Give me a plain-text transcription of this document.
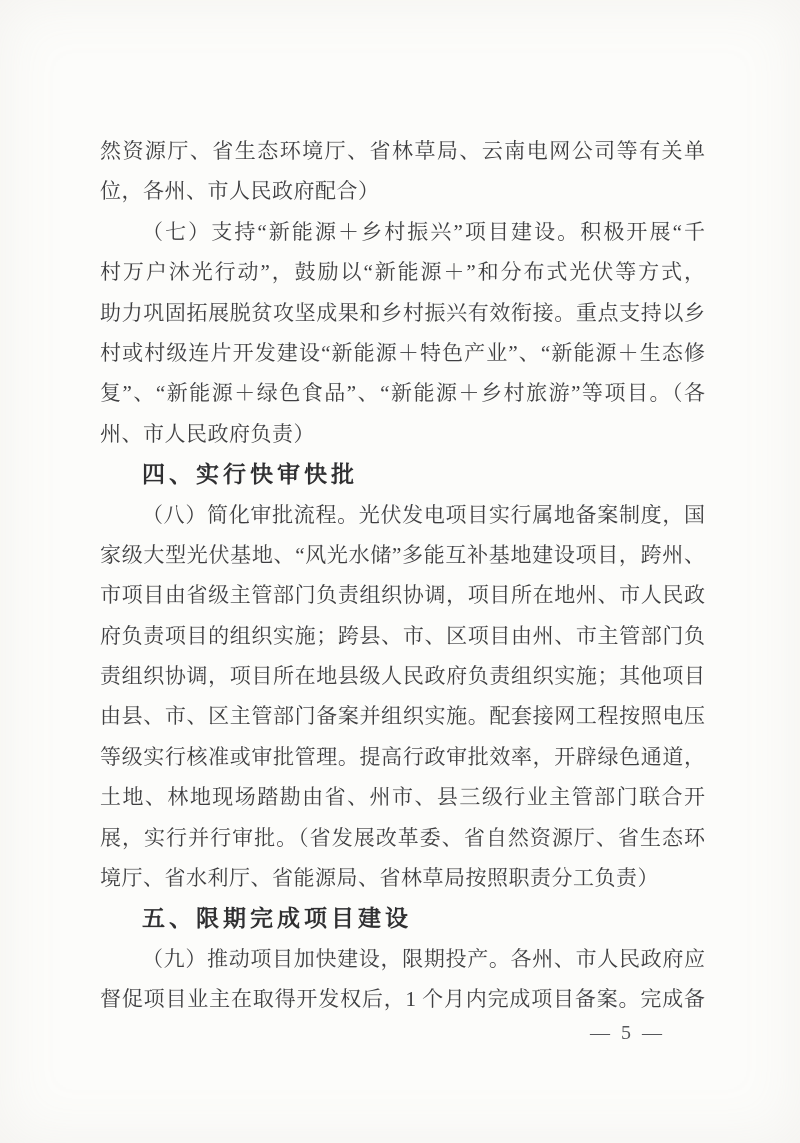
然资源厅、省生态环境厅、省林草局、云南电网公司等有关单
位，各州、市人民政府配合）
（七）支持“新能源＋乡村振兴”项目建设。积极开展“千
村万户沐光行动”，鼓励以“新能源＋”和分布式光伏等方式，
助力巩固拓展脱贫攻坚成果和乡村振兴有效衔接。重点支持以乡
村或村级连片开发建设“新能源＋特色产业”、“新能源＋生态修
复”、“新能源＋绿色食品”、“新能源＋乡村旅游”等项目。（各
州、市人民政府负责）
四、实行快审快批
（八）简化审批流程。光伏发电项目实行属地备案制度，国
家级大型光伏基地、“风光水储”多能互补基地建设项目，跨州、
市项目由省级主管部门负责组织协调，项目所在地州、市人民政
府负责项目的组织实施；跨县、市、区项目由州、市主管部门负
责组织协调，项目所在地县级人民政府负责组织实施；其他项目
由县、市、区主管部门备案并组织实施。配套接网工程按照电压
等级实行核准或审批管理。提高行政审批效率，开辟绿色通道，
土地、林地现场踏勘由省、州市、县三级行业主管部门联合开
展，实行并行审批。（省发展改革委、省自然资源厅、省生态环
境厅、省水利厅、省能源局、省林草局按照职责分工负责）
五、限期完成项目建设
（九）推动项目加快建设，限期投产。各州、市人民政府应
督促项目业主在取得开发权后，1 个月内完成项目备案。完成备
— 5 —
